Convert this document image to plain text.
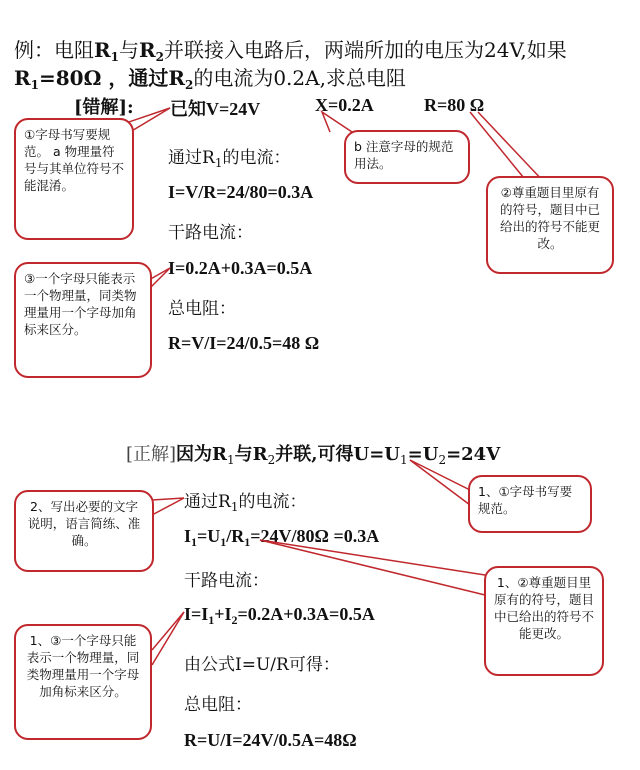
例：电阻$R_1$与$R_2$并联接入电路后，两端所加的电压为24V,如果
$R_1=80\Omega$ ，通过$R_2$的电流为0.2A,求总电阻
[错解]: 已知V=24V	X=0.2A	R=80 Ω
通过$R_1$的电流：
I=V/R=24/80=0.3A
干路电流：
I=0.2A+0.3A=0.5A
总电阻：
R=V/I=24/0.5=48 Ω
[正解]因为$R_1$与$R_2$并联,可得$U=U_1=U_2=24V$
通过$R_1$的电流：
$I_1=U_1/R_1=24V/80\Omega =0.3A$
干路电流：
$I=I_1+I_2=0.2A+0.3A=0.5A$
由公式I=U/R可得：
总电阻：
R=U/I=24V/0.5A=48Ω
①字母书写要规范。 a 物理量符号与其单位符号不能混淆。
b 注意字母的规范用法。
②尊重题目里原有的符号，题目中已给出的符号不能更改。
③一个字母只能表示一个物理量，同类物理量用一个字母加角标来区分。
2、写出必要的文字说明，语言简练、准确。
1、①字母书写要规范。
1、②尊重题目里原有的符号，题目中已给出的符号不能更改。
1、③一个字母只能表示一个物理量，同类物理量用一个字母加角标来区分。
